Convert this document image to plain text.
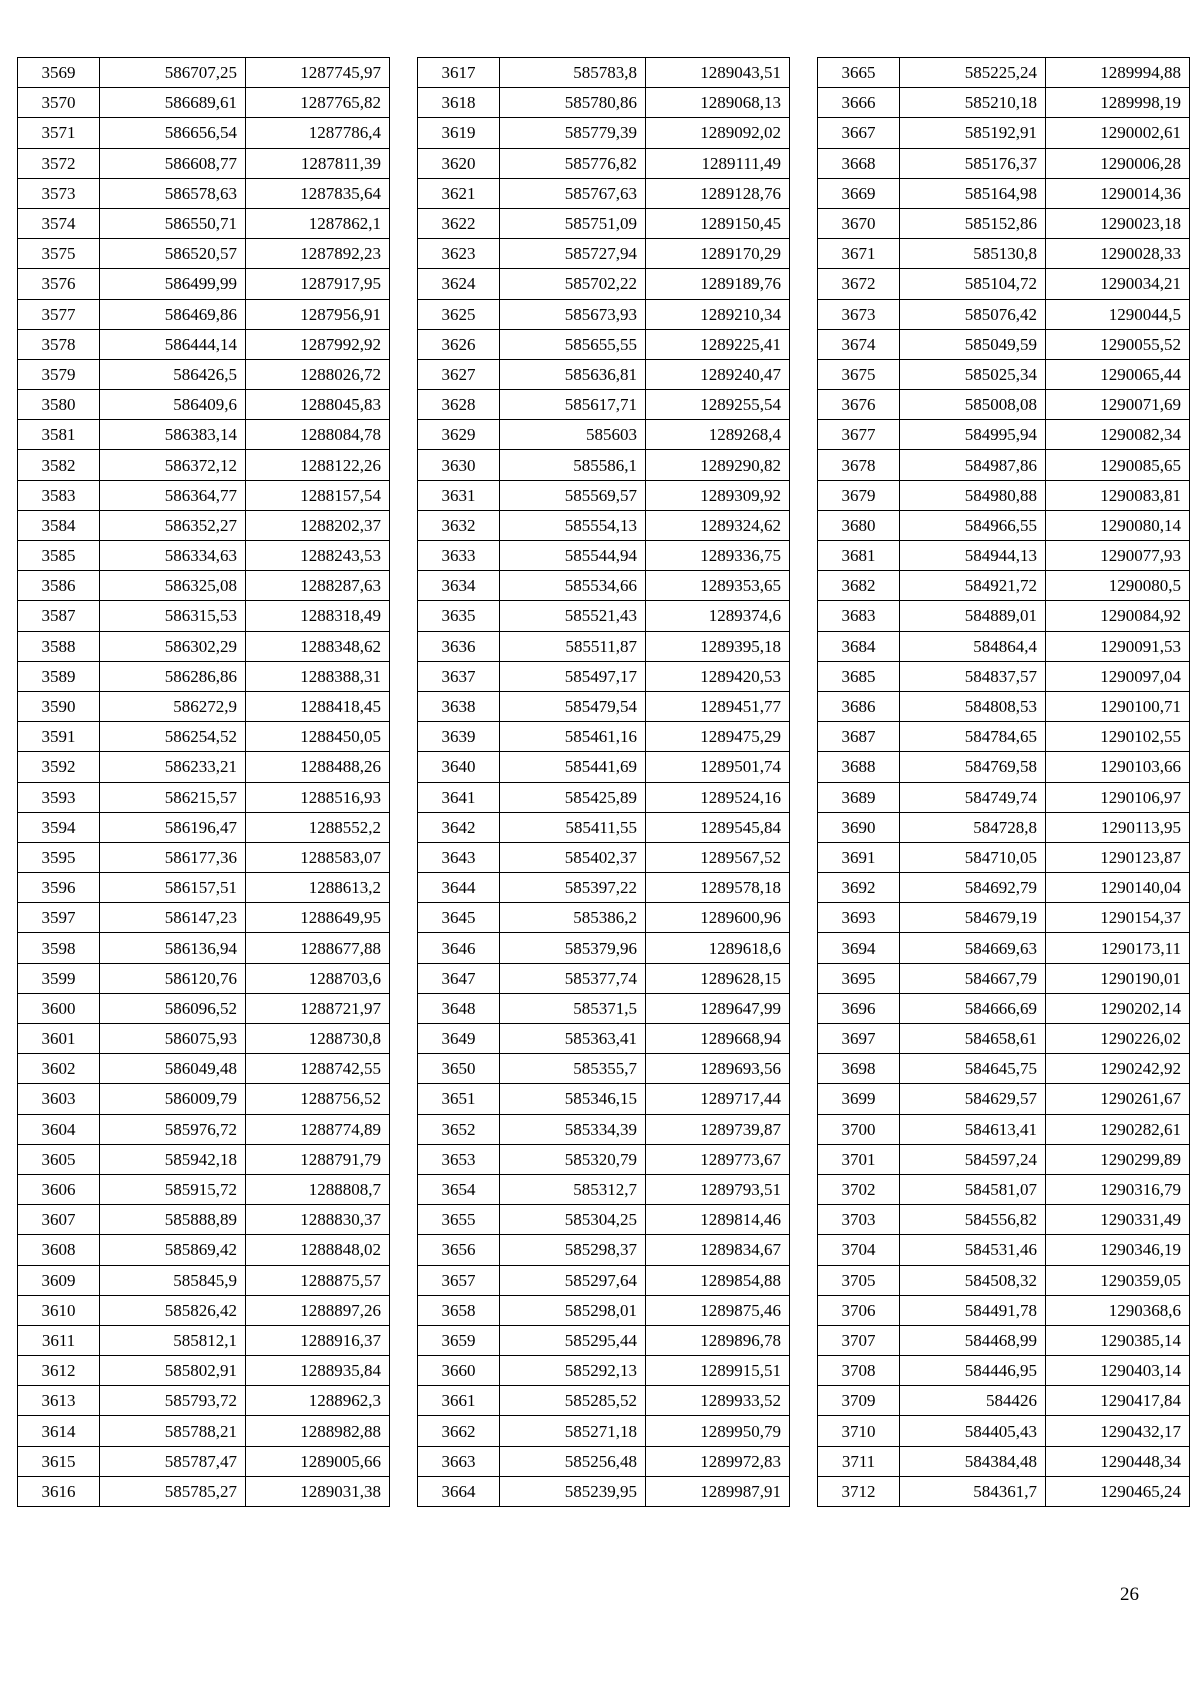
3569	586707,25	1287745,97
3570	586689,61	1287765,82
3571	586656,54	1287786,4
3572	586608,77	1287811,39
3573	586578,63	1287835,64
3574	586550,71	1287862,1
3575	586520,57	1287892,23
3576	586499,99	1287917,95
3577	586469,86	1287956,91
3578	586444,14	1287992,92
3579	586426,5	1288026,72
3580	586409,6	1288045,83
3581	586383,14	1288084,78
3582	586372,12	1288122,26
3583	586364,77	1288157,54
3584	586352,27	1288202,37
3585	586334,63	1288243,53
3586	586325,08	1288287,63
3587	586315,53	1288318,49
3588	586302,29	1288348,62
3589	586286,86	1288388,31
3590	586272,9	1288418,45
3591	586254,52	1288450,05
3592	586233,21	1288488,26
3593	586215,57	1288516,93
3594	586196,47	1288552,2
3595	586177,36	1288583,07
3596	586157,51	1288613,2
3597	586147,23	1288649,95
3598	586136,94	1288677,88
3599	586120,76	1288703,6
3600	586096,52	1288721,97
3601	586075,93	1288730,8
3602	586049,48	1288742,55
3603	586009,79	1288756,52
3604	585976,72	1288774,89
3605	585942,18	1288791,79
3606	585915,72	1288808,7
3607	585888,89	1288830,37
3608	585869,42	1288848,02
3609	585845,9	1288875,57
3610	585826,42	1288897,26
3611	585812,1	1288916,37
3612	585802,91	1288935,84
3613	585793,72	1288962,3
3614	585788,21	1288982,88
3615	585787,47	1289005,66
3616	585785,27	1289031,38
3617	585783,8	1289043,51
3618	585780,86	1289068,13
3619	585779,39	1289092,02
3620	585776,82	1289111,49
3621	585767,63	1289128,76
3622	585751,09	1289150,45
3623	585727,94	1289170,29
3624	585702,22	1289189,76
3625	585673,93	1289210,34
3626	585655,55	1289225,41
3627	585636,81	1289240,47
3628	585617,71	1289255,54
3629	585603	1289268,4
3630	585586,1	1289290,82
3631	585569,57	1289309,92
3632	585554,13	1289324,62
3633	585544,94	1289336,75
3634	585534,66	1289353,65
3635	585521,43	1289374,6
3636	585511,87	1289395,18
3637	585497,17	1289420,53
3638	585479,54	1289451,77
3639	585461,16	1289475,29
3640	585441,69	1289501,74
3641	585425,89	1289524,16
3642	585411,55	1289545,84
3643	585402,37	1289567,52
3644	585397,22	1289578,18
3645	585386,2	1289600,96
3646	585379,96	1289618,6
3647	585377,74	1289628,15
3648	585371,5	1289647,99
3649	585363,41	1289668,94
3650	585355,7	1289693,56
3651	585346,15	1289717,44
3652	585334,39	1289739,87
3653	585320,79	1289773,67
3654	585312,7	1289793,51
3655	585304,25	1289814,46
3656	585298,37	1289834,67
3657	585297,64	1289854,88
3658	585298,01	1289875,46
3659	585295,44	1289896,78
3660	585292,13	1289915,51
3661	585285,52	1289933,52
3662	585271,18	1289950,79
3663	585256,48	1289972,83
3664	585239,95	1289987,91
3665	585225,24	1289994,88
3666	585210,18	1289998,19
3667	585192,91	1290002,61
3668	585176,37	1290006,28
3669	585164,98	1290014,36
3670	585152,86	1290023,18
3671	585130,8	1290028,33
3672	585104,72	1290034,21
3673	585076,42	1290044,5
3674	585049,59	1290055,52
3675	585025,34	1290065,44
3676	585008,08	1290071,69
3677	584995,94	1290082,34
3678	584987,86	1290085,65
3679	584980,88	1290083,81
3680	584966,55	1290080,14
3681	584944,13	1290077,93
3682	584921,72	1290080,5
3683	584889,01	1290084,92
3684	584864,4	1290091,53
3685	584837,57	1290097,04
3686	584808,53	1290100,71
3687	584784,65	1290102,55
3688	584769,58	1290103,66
3689	584749,74	1290106,97
3690	584728,8	1290113,95
3691	584710,05	1290123,87
3692	584692,79	1290140,04
3693	584679,19	1290154,37
3694	584669,63	1290173,11
3695	584667,79	1290190,01
3696	584666,69	1290202,14
3697	584658,61	1290226,02
3698	584645,75	1290242,92
3699	584629,57	1290261,67
3700	584613,41	1290282,61
3701	584597,24	1290299,89
3702	584581,07	1290316,79
3703	584556,82	1290331,49
3704	584531,46	1290346,19
3705	584508,32	1290359,05
3706	584491,78	1290368,6
3707	584468,99	1290385,14
3708	584446,95	1290403,14
3709	584426	1290417,84
3710	584405,43	1290432,17
3711	584384,48	1290448,34
3712	584361,7	1290465,24
26
